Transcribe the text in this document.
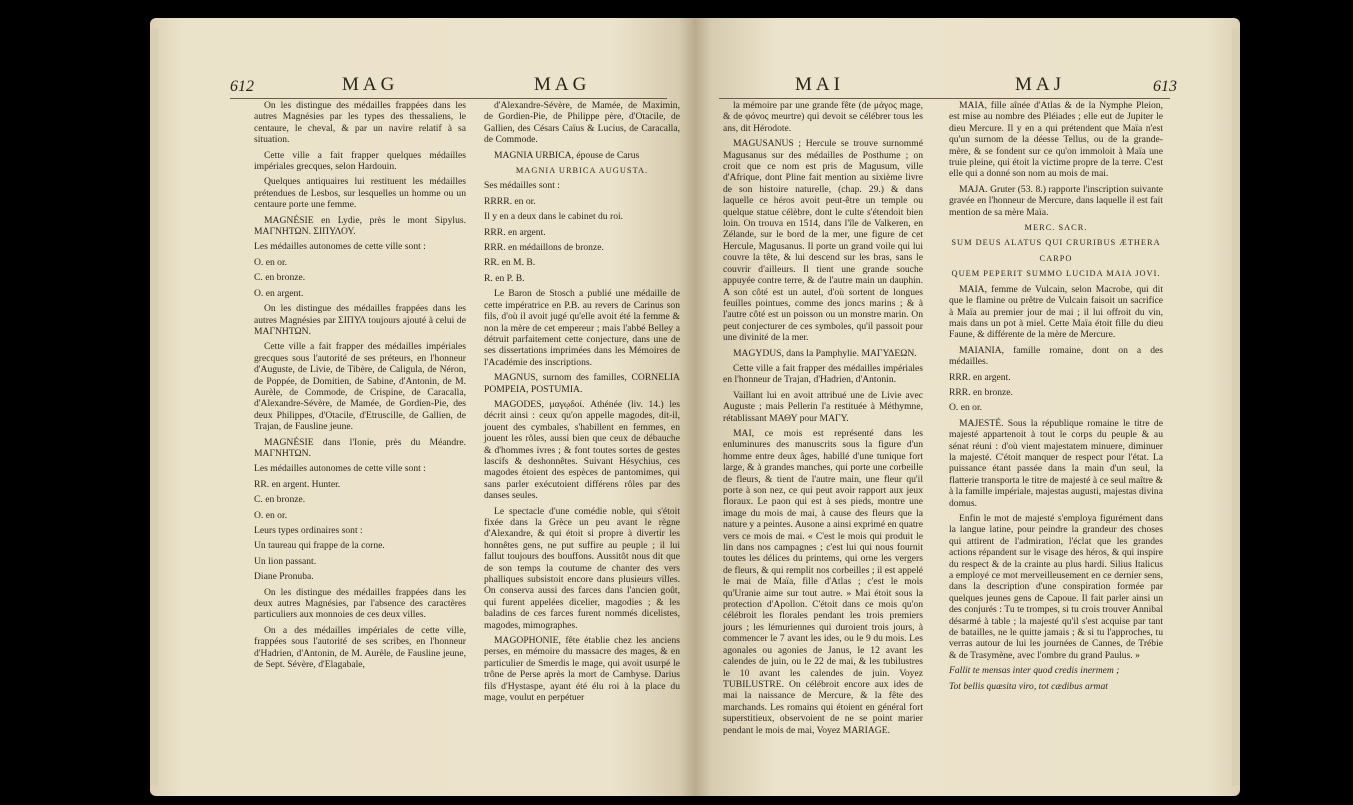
612	MAG	MAG

On les distingue des médailles frappées dans les autres Magnésies par les types des thessaliens, le centaure, le cheval, & par un navire relatif à sa situation.

Cette ville a fait frapper quelques médailles impériales grecques, selon Hardouin.

Quelques antiquaires lui restituent les médailles prétendues de Lesbos, sur lesquelles un homme ou un centaure porte une femme.

MAGNÉSIE en Lydie, près le mont Sipylus. ΜΑΓΝΗΤΩΝ. ΣΙΠΥΛΟΥ.

Les médailles autonomes de cette ville sont :

O. en or.

C. en bronze.

O. en argent.

On les distingue des médailles frappées dans les autres Magnésies par ΣΙΠΥΛ toujours ajouté à celui de ΜΑΓΝΗΤΩΝ.

Cette ville a fait frapper des médailles impériales grecques sous l'autorité de ses préteurs, en l'honneur d'Auguste, de Livie, de Tibère, de Caligula, de Néron, de Poppée, de Domitien, de Sabine, d'Antonin, de M. Aurèle, de Commode, de Crispine, de Caracalla, d'Alexandre-Sévère, de Mamée, de Gordien-Pie, des deux Philippes, d'Otacile, d'Etruscille, de Gallien, de Trajan, de Fausline jeune.

MAGNÉSIE dans l'Ionie, près du Méandre. ΜΑΓΝΗΤΩΝ.

Les médailles autonomes de cette ville sont :

RR. en argent. Hunter.

C. en bronze.

O. en or.

Leurs types ordinaires sont :

Un taureau qui frappe de la corne.

Un lion passant.

Diane Pronuba.

On les distingue des médailles frappées dans les deux autres Magnésies, par l'absence des caractères particuliers aux monnoies de ces deux villes.

On a des médailles impériales de cette ville, frappées sous l'autorité de ses scribes, en l'honneur d'Hadrien, d'Antonin, de M. Aurèle, de Fausline jeune, de Sept. Sévère, d'Elagabale,

d'Alexandre-Sévère, de Mamée, de Maximin, de Gordien-Pie, de Philippe père, d'Otacile, de Gallien, des Césars Caïus & Lucius, de Caracalla, de Commode.

MAGNIA URBICA, épouse de Carus

MAGNIA URBICA AUGUSTA.

Ses médailles sont :

RRRR. en or.

Il y en a deux dans le cabinet du roi.

RRR. en argent.

RRR. en médaillons de bronze.

RR. en M. B.

R. en P. B.

Le Baron de Stosch a publié une médaille de cette impératrice en P.B. au revers de Carinus son fils, d'où il avoit jugé qu'elle avoit été la femme & non la mère de cet empereur ; mais l'abbé Belley a détruit parfaitement cette conjecture, dans une de ses dissertations imprimées dans les Mémoires de l'Académie des inscriptions.

MAGNUS, surnom des familles, CORNELIA POMPEIA, POSTUMIA.

MAGODES, μαγῳδοί. Athénée (liv. 14.) les décrit ainsi : ceux qu'on appelle magodes, dit-il, jouent des cymbales, s'habillent en femmes, en jouent les rôles, aussi bien que ceux de débauche & d'hommes ivres ; & font toutes sortes de gestes lascifs & deshonnêtes. Suivant Hésychius, ces magodes étoient des espèces de pantomimes, qui sans parler exécutoient différens rôles par des danses seules.

Le spectacle d'une comédie noble, qui s'étoit fixée dans la Grèce un peu avant le règne d'Alexandre, & qui étoit si propre à divertir les honnêtes gens, ne put suffire au peuple ; il lui fallut toujours des bouffons. Aussitôt nous dit que de son temps la coutume de chanter des vers phalliques subsistoit encore dans plusieurs villes. On conserva aussi des farces dans l'ancien goût, qui furent appelées dicelier, magodies ; & les baladins de ces farces furent nommés dicelistes, magodes, mimographes.

MAGOPHONIE, fête établie chez les anciens perses, en mémoire du massacre des mages, & en particulier de Smerdis le mage, qui avoit usurpé le trône de Perse après la mort de Cambyse. Darius fils d'Hystaspe, ayant été élu roi à la place du mage, voulut en perpétuer

MAI	MAJ	613

la mémoire par une grande fête (de μάγος mage, & de φόνος meurtre) qui devoit se célébrer tous les ans, dit Hérodote.

MAGUSANUS ; Hercule se trouve surnommé Magusanus sur des médailles de Posthume ; on croit que ce nom est pris de Magusum, ville d'Afrique, dont Pline fait mention au sixième livre de son histoire naturelle, (chap. 29.) & dans laquelle ce héros avoit peut-être un temple ou quelque statue célèbre, dont le culte s'étendoit bien loin. On trouva en 1514, dans l'île de Valkeren, en Zélande, sur le bord de la mer, une figure de cet Hercule, Magusanus. Il porte un grand voile qui lui couvre la tête, & lui descend sur les bras, sans le couvrir d'ailleurs. Il tient une grande souche appuyée contre terre, & de l'autre main un dauphin. A son côté est un autel, d'où sortent de longues feuilles pointues, comme des joncs marins ; & à l'autre côté est un poisson ou un monstre marin. On peut conjecturer de ces symboles, qu'il passoit pour une divinité de la mer.

MAGYDUS, dans la Pamphylie. ΜΑΓΥΔΕΩΝ.

Cette ville a fait frapper des médailles impériales en l'honneur de Trajan, d'Hadrien, d'Antonin.

Vaillant lui en avoit attribué une de Livie avec Auguste ; mais Pellerin l'a restituée à Méthymne, rétablissant ΜΑΘΥ pour ΜΑΓΥ.

MAI, ce mois est représenté dans les enluminures des manuscrits sous la figure d'un homme entre deux âges, habillé d'une tunique fort large, & à grandes manches, qui porte une corbeille de fleurs, & tient de l'autre main, une fleur qu'il porte à son nez, ce qui peut avoir rapport aux jeux floraux. Le paon qui est à ses pieds, montre une image du mois de mai, à cause des fleurs que la nature y a peintes. Ausone a ainsi exprimé en quatre vers ce mois de mai. « C'est le mois qui produit le lin dans nos campagnes ; c'est lui qui nous fournit toutes les délices du printems, qui orne les vergers de fleurs, & qui remplit nos corbeilles ; il est appelé le mai de Maïa, fille d'Atlas ; c'est le mois qu'Uranie aime sur tout autre. » Mai étoit sous la protection d'Apollon. C'étoit dans ce mois qu'on célébroit les florales pendant les trois premiers jours ; les lémuriennes qui duroient trois jours, à commencer le 7 avant les ides, ou le 9 du mois. Les agonales ou agonies de Janus, le 12 avant les calendes de juin, ou le 22 de mai, & les tubilustres le 10 avant les calendes de juin. Voyez TUBILUSTRE. On célébroit encore aux ides de mai la naissance de Mercure, & la fête des marchands. Les romains qui étoient en général fort superstitieux, observoient de ne se point marier pendant le mois de mai, Voyez MARIAGE.

MAIA, fille aînée d'Atlas & de la Nymphe Pleion, est mise au nombre des Pléiades ; elle eut de Jupiter le dieu Mercure. Il y en a qui prétendent que Maïa n'est qu'un surnom de la déesse Tellus, ou de la grande-mère, & se fondent sur ce qu'on immoloit à Maïa une truie pleine, qui étoit la victime propre de la terre. C'est elle qui a donné son nom au mois de mai.

MAJA. Gruter (53. 8.) rapporte l'inscription suivante gravée en l'honneur de Mercure, dans laquelle il est fait mention de sa mère Maïa.

MERC. SACR.

SUM DEUS ALATUS QUI CRURIBUS ÆTHERA

CARPO

QUEM PEPERIT SUMMO LUCIDA MAIA JOVI.

MAIA, femme de Vulcain, selon Macrobe, qui dit que le flamine ou prêtre de Vulcain faisoit un sacrifice à Maïa au premier jour de mai ; il lui offroit du vin, mais dans un pot à miel. Cette Maïa étoit fille du dieu Faune, & différente de la mère de Mercure.

MAIANIA, famille romaine, dont on a des médailles.

RRR. en argent.

RRR. en bronze.

O. en or.

MAJESTÉ. Sous la république romaine le titre de majesté appartenoit à tout le corps du peuple & au sénat réuni : d'où vient majestatem minuere, diminuer la majesté. C'étoit manquer de respect pour l'état. La puissance étant passée dans la main d'un seul, la flatterie transporta le titre de majesté à ce seul maître & à la famille impériale, majestas augusti, majestas divina domus.

Enfin le mot de majesté s'employa figurément dans la langue latine, pour peindre la grandeur des choses qui attirent de l'admiration, l'éclat que les grandes actions répandent sur le visage des héros, & qui inspire du respect & de la crainte au plus hardi. Silius Italicus a employé ce mot merveilleusement en ce dernier sens, dans la description d'une conspiration formée par quelques jeunes gens de Capoue. Il fait parler ainsi un des conjurés : Tu te trompes, si tu crois trouver Annibal désarmé à table ; la majesté qu'il s'est acquise par tant de batailles, ne le quitte jamais ; & si tu l'approches, tu verras autour de lui les journées de Cannes, de Trébie & de Trasymène, avec l'ombre du grand Paulus. »

Fallit te mensas inter quod credis inermem ;

Tot bellis quæsita viro, tot cædibus armat
